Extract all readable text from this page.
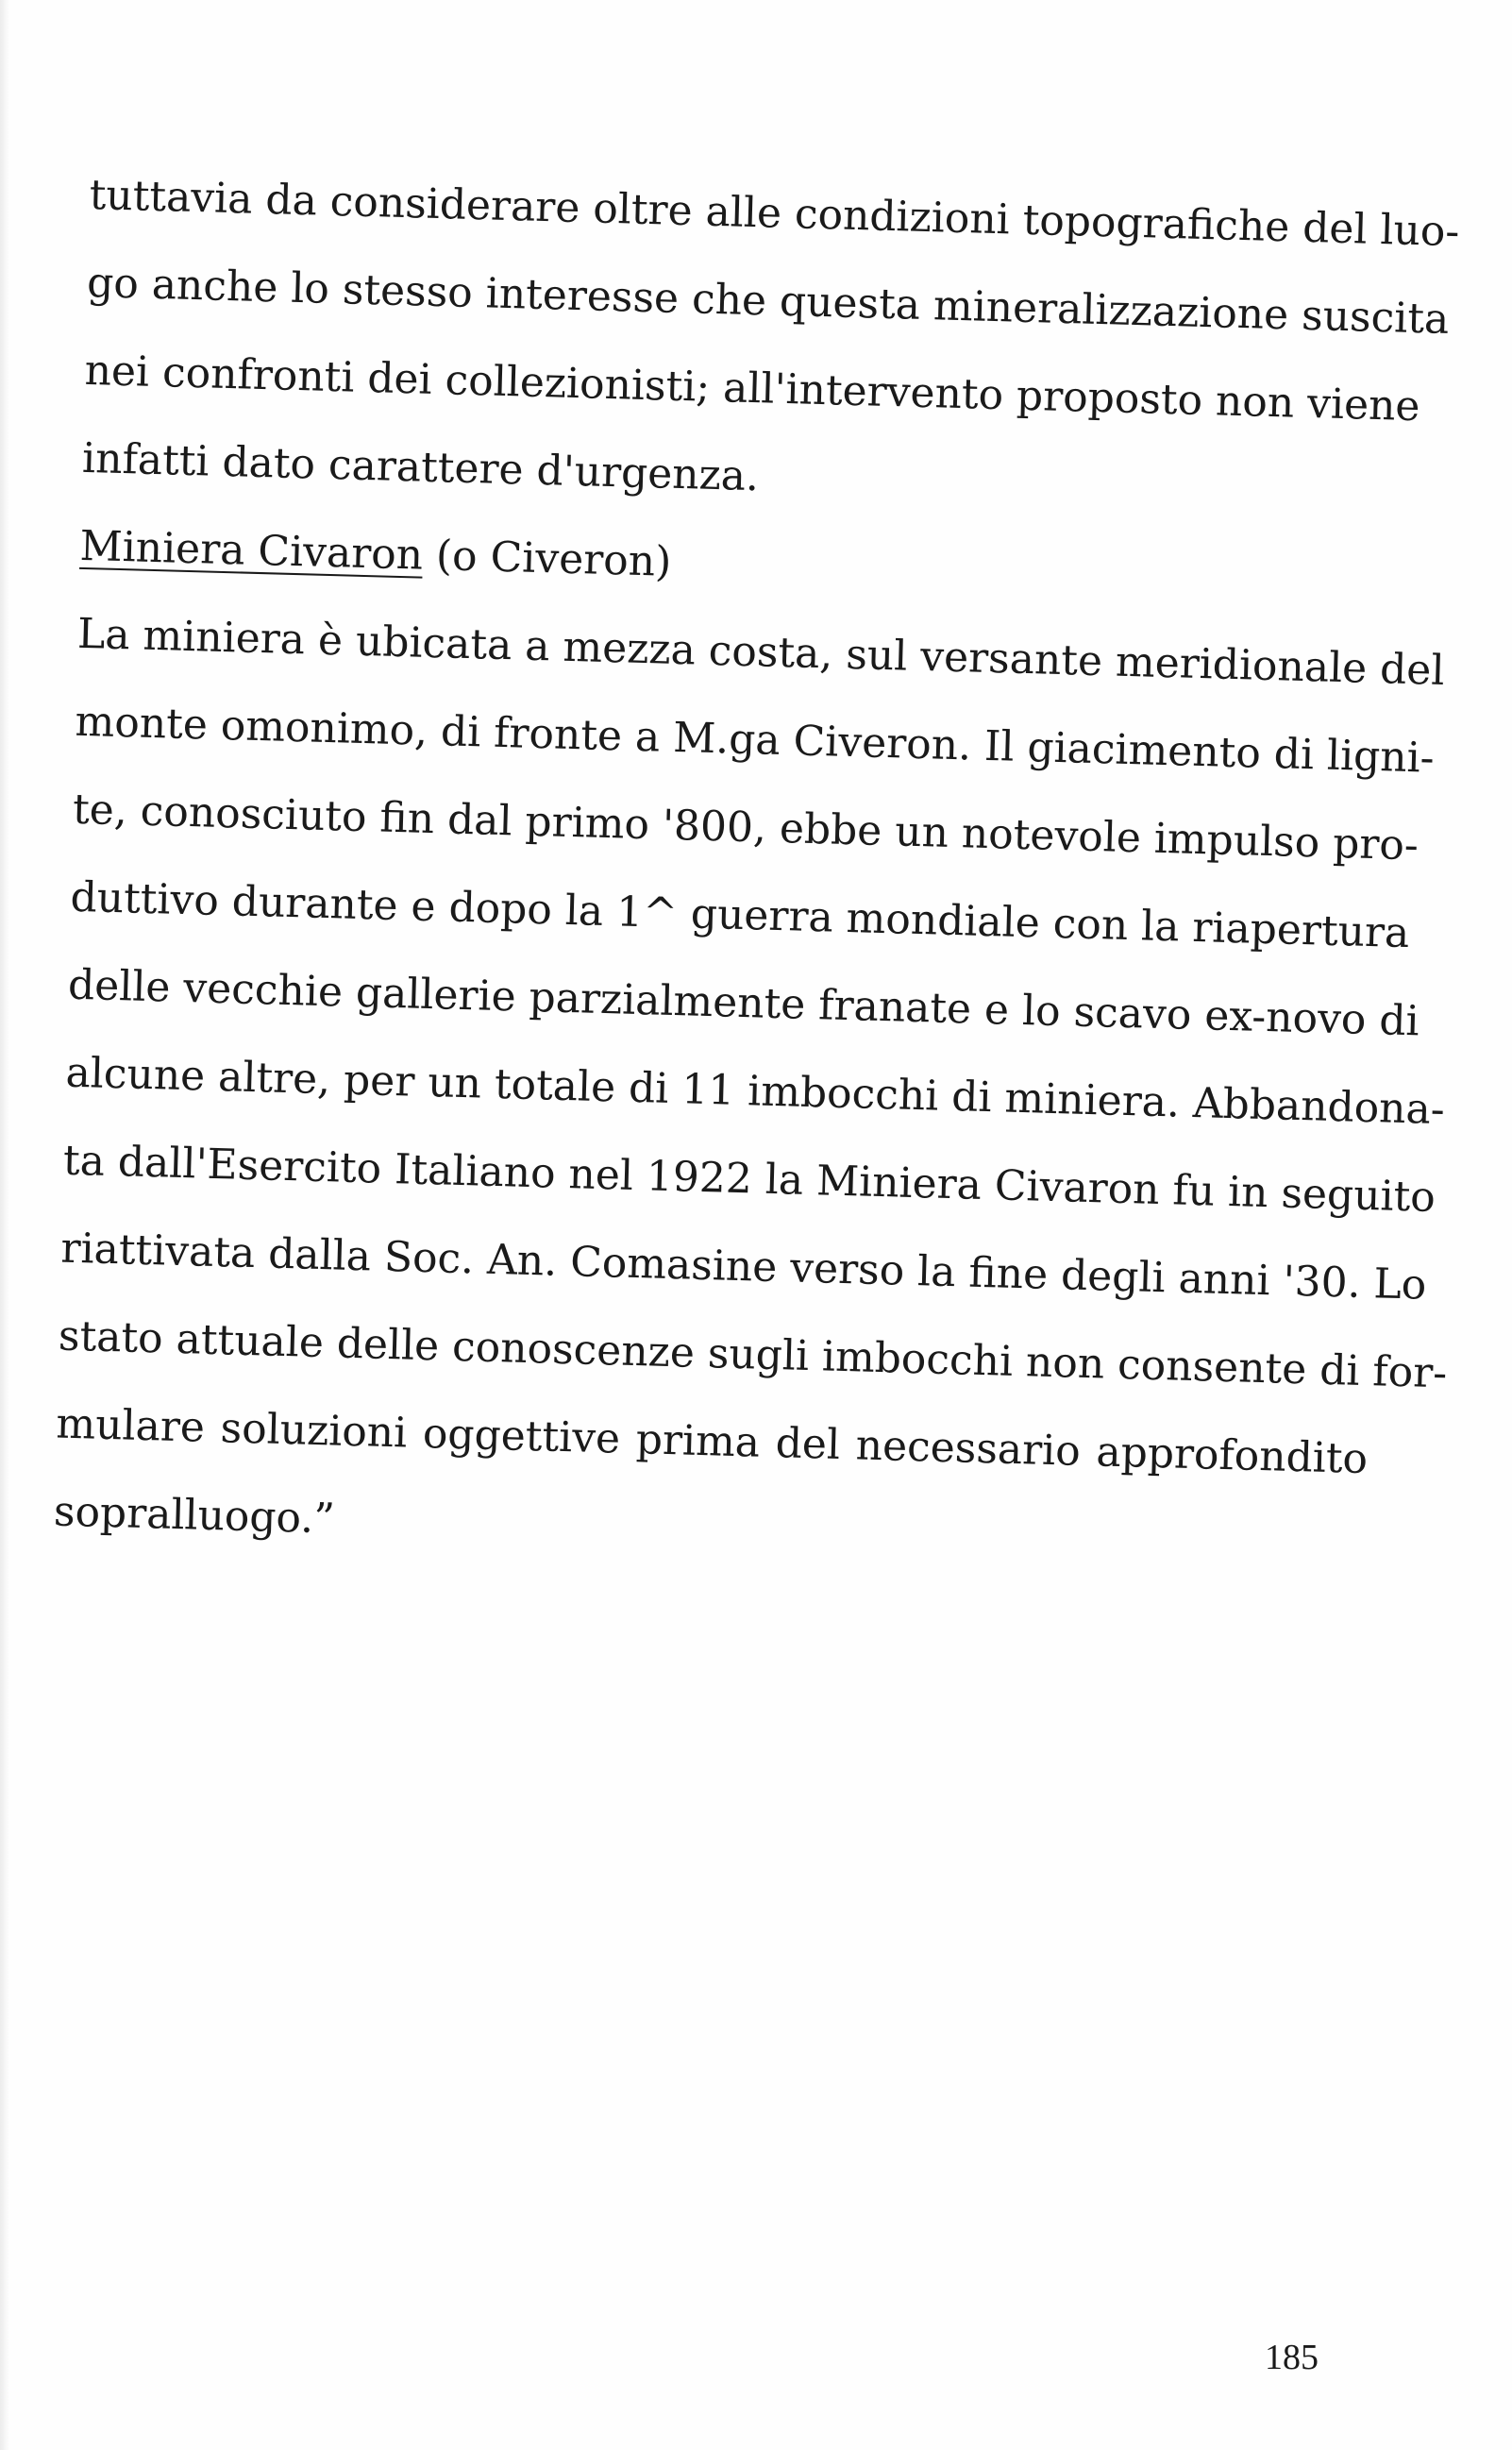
tuttavia da considerare oltre alle condizioni topografiche del luo-
go anche lo stesso interesse che questa mineralizzazione suscita
nei confronti dei collezionisti; all'intervento proposto non viene
infatti dato carattere d'urgenza.
Miniera Civaron (o Civeron)
La miniera è ubicata a mezza costa, sul versante meridionale del
monte omonimo, di fronte a M.ga Civeron. Il giacimento di ligni-
te, conosciuto fin dal primo '800, ebbe un notevole impulso pro-
duttivo durante e dopo la 1^ guerra mondiale con la riapertura
delle vecchie gallerie parzialmente franate e lo scavo ex-novo di
alcune altre, per un totale di 11 imbocchi di miniera. Abbandona-
ta dall'Esercito Italiano nel 1922 la Miniera Civaron fu in seguito
riattivata dalla Soc. An. Comasine verso la fine degli anni '30. Lo
stato attuale delle conoscenze sugli imbocchi non consente di for-
mulare soluzioni oggettive prima del necessario approfondito
sopralluogo.”
185
